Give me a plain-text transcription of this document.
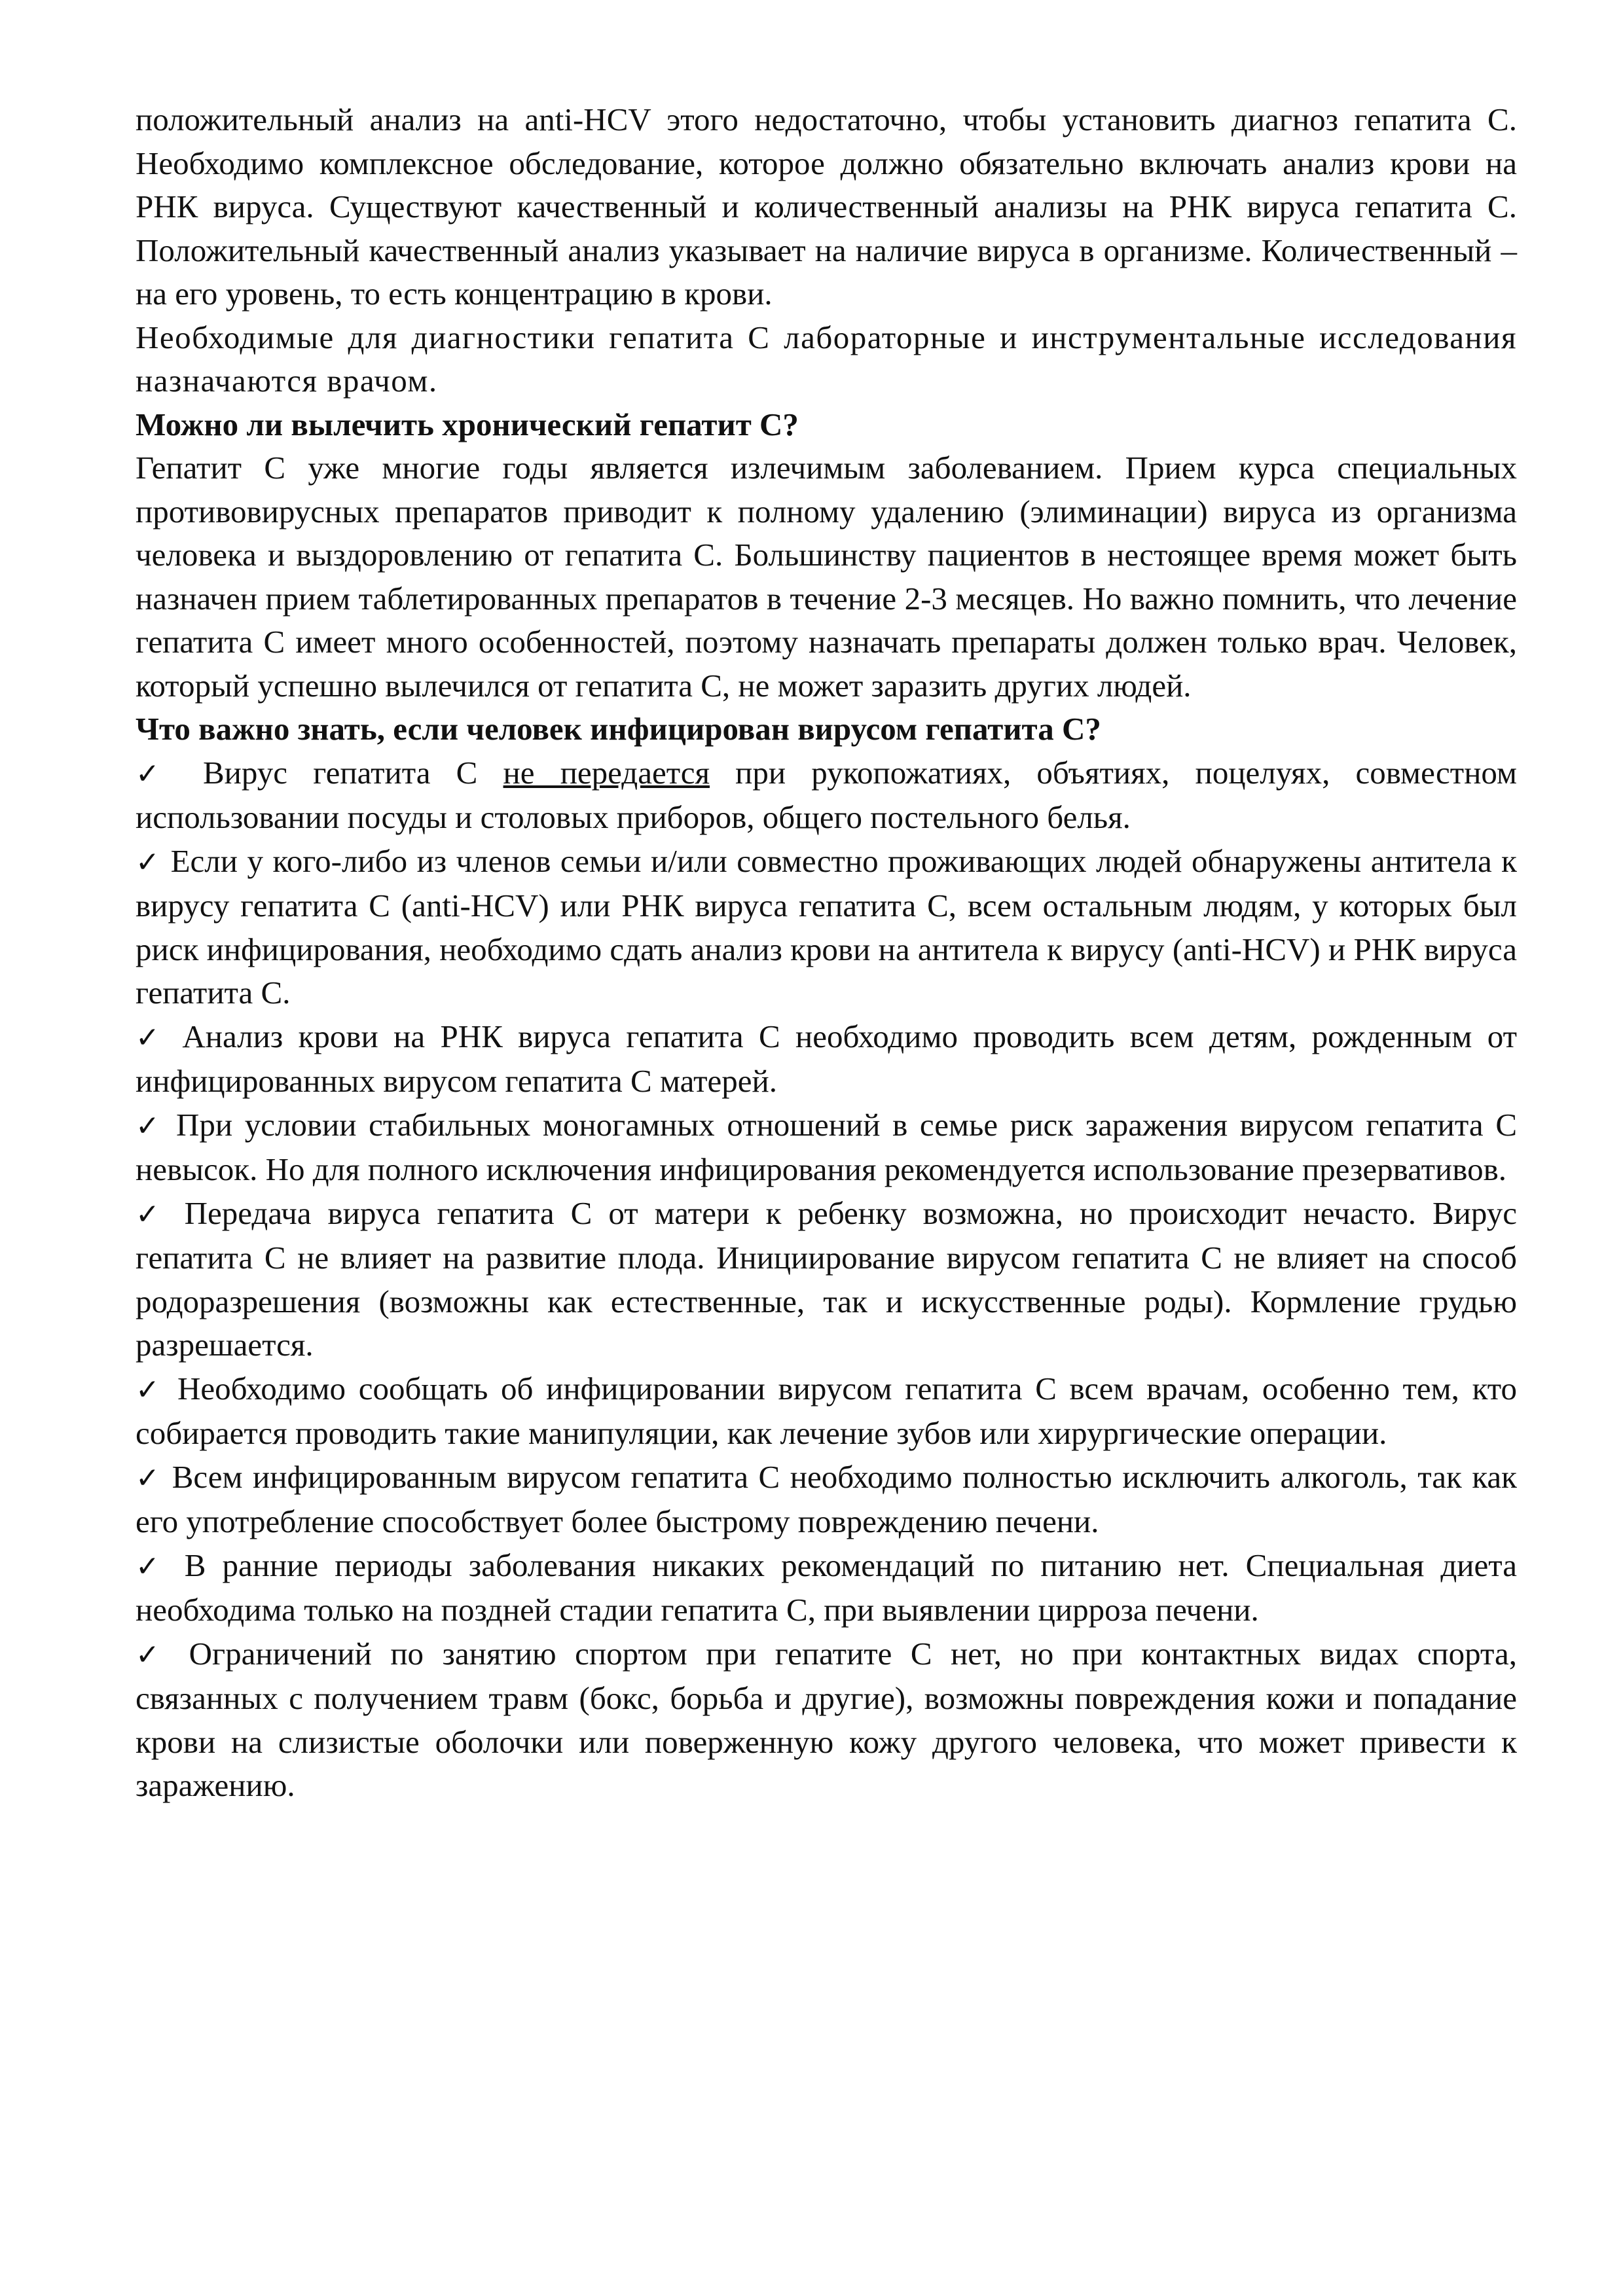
положительный анализ на anti-HCV этого недостаточно, чтобы установить диагноз гепатита С. Необходимо комплексное обследование, которое должно обязательно включать анализ крови на РНК вируса. Существуют качественный и количественный анализы на РНК вируса гепатита С. Положительный качественный анализ указывает на наличие вируса в организме. Количественный – на его уровень, то есть концентрацию в крови.

Необходимые для диагностики гепатита С лабораторные и инструментальные исследования назначаются врачом.

Можно ли вылечить хронический гепатит С?

Гепатит С уже многие годы является излечимым заболеванием. Прием курса специальных противовирусных препаратов приводит к полному удалению (элиминации) вируса из организма человека и выздоровлению от гепатита С. Большинству пациентов в нестоящее время может быть назначен прием таблетированных препаратов в течение 2-3 месяцев. Но важно помнить, что лечение гепатита С имеет много особенностей, поэтому назначать препараты должен только врач. Человек, который успешно вылечился от гепатита С, не может заразить других людей.

Что важно знать, если человек инфицирован вирусом гепатита С?

✓ Вирус гепатита С не передается при рукопожатиях, объятиях, поцелуях, совместном использовании посуды и столовых приборов, общего постельного белья.

✓ Если у кого-либо из членов семьи и/или совместно проживающих людей обнаружены антитела к вирусу гепатита С (anti-HCV) или РНК вируса гепатита С, всем остальным людям, у которых был риск инфицирования, необходимо сдать анализ крови на антитела к вирусу (anti-HCV) и РНК вируса гепатита С.

✓ Анализ крови на РНК вируса гепатита С необходимо проводить всем детям, рожденным от инфицированных вирусом гепатита С матерей.

✓ При условии стабильных моногамных отношений в семье риск заражения вирусом гепатита С невысок. Но для полного исключения инфицирования рекомендуется использование презервативов.

✓ Передача вируса гепатита С от матери к ребенку возможна, но происходит нечасто. Вирус гепатита С не влияет на развитие плода. Инициирование вирусом гепатита С не влияет на способ родоразрешения (возможны как естественные, так и искусственные роды). Кормление грудью разрешается.

✓ Необходимо сообщать об инфицировании вирусом гепатита С всем врачам, особенно тем, кто собирается проводить такие манипуляции, как лечение зубов или хирургические операции.

✓ Всем инфицированным вирусом гепатита С необходимо полностью исключить алкоголь, так как его употребление способствует более быстрому повреждению печени.

✓ В ранние периоды заболевания никаких рекомендаций по питанию нет. Специальная диета необходима только на поздней стадии гепатита С, при выявлении цирроза печени.

✓ Ограничений по занятию спортом при гепатите С нет, но при контактных видах спорта, связанных с получением травм (бокс, борьба и другие), возможны повреждения кожи и попадание крови на слизистые оболочки или поверженную кожу другого человека, что может привести к заражению.
